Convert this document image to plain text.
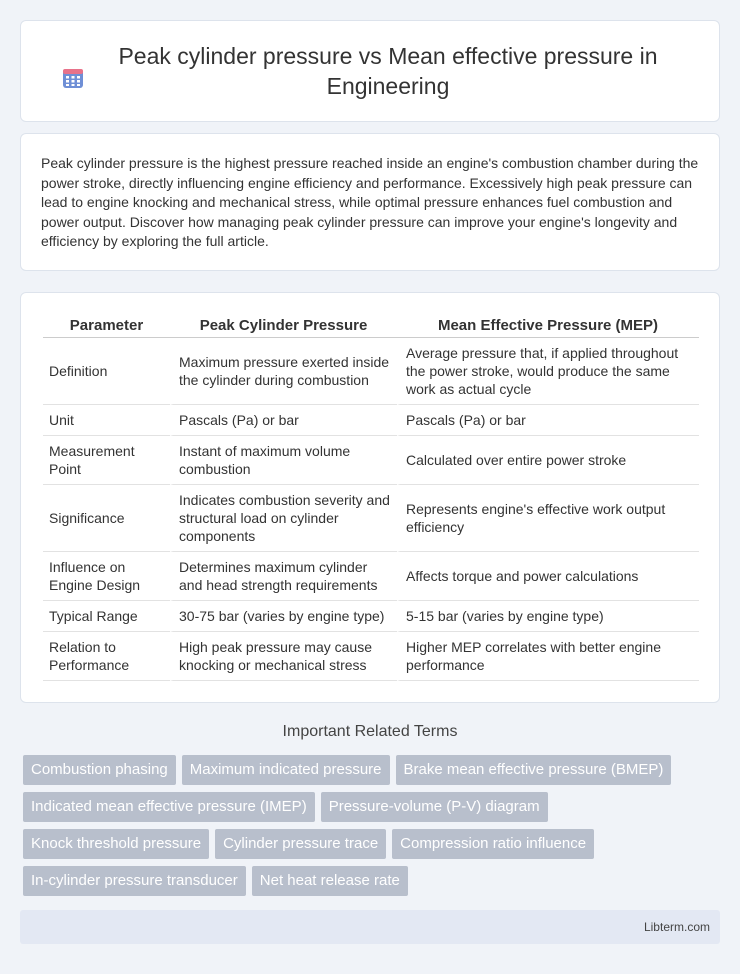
Peak cylinder pressure vs Mean effective pressure in Engineering

Peak cylinder pressure is the highest pressure reached inside an engine's combustion chamber during the power stroke, directly influencing engine efficiency and performance. Excessively high peak pressure can lead to engine knocking and mechanical stress, while optimal pressure enhances fuel combustion and power output. Discover how managing peak cylinder pressure can improve your engine's longevity and efficiency by exploring the full article.

Parameter	Peak Cylinder Pressure	Mean Effective Pressure (MEP)
Definition	Maximum pressure exerted inside the cylinder during combustion	Average pressure that, if applied throughout the power stroke, would produce the same work as actual cycle
Unit	Pascals (Pa) or bar	Pascals (Pa) or bar
Measurement Point	Instant of maximum volume combustion	Calculated over entire power stroke
Significance	Indicates combustion severity and structural load on cylinder components	Represents engine's effective work output efficiency
Influence on Engine Design	Determines maximum cylinder and head strength requirements	Affects torque and power calculations
Typical Range	30-75 bar (varies by engine type)	5-15 bar (varies by engine type)
Relation to Performance	High peak pressure may cause knocking or mechanical stress	Higher MEP correlates with better engine performance
Important Related Terms
Combustion phasing	Maximum indicated pressure	Brake mean effective pressure (BMEP)
Indicated mean effective pressure (IMEP)	Pressure-volume (P-V) diagram
Knock threshold pressure	Cylinder pressure trace	Compression ratio influence
In-cylinder pressure transducer	Net heat release rate
Libterm.com
